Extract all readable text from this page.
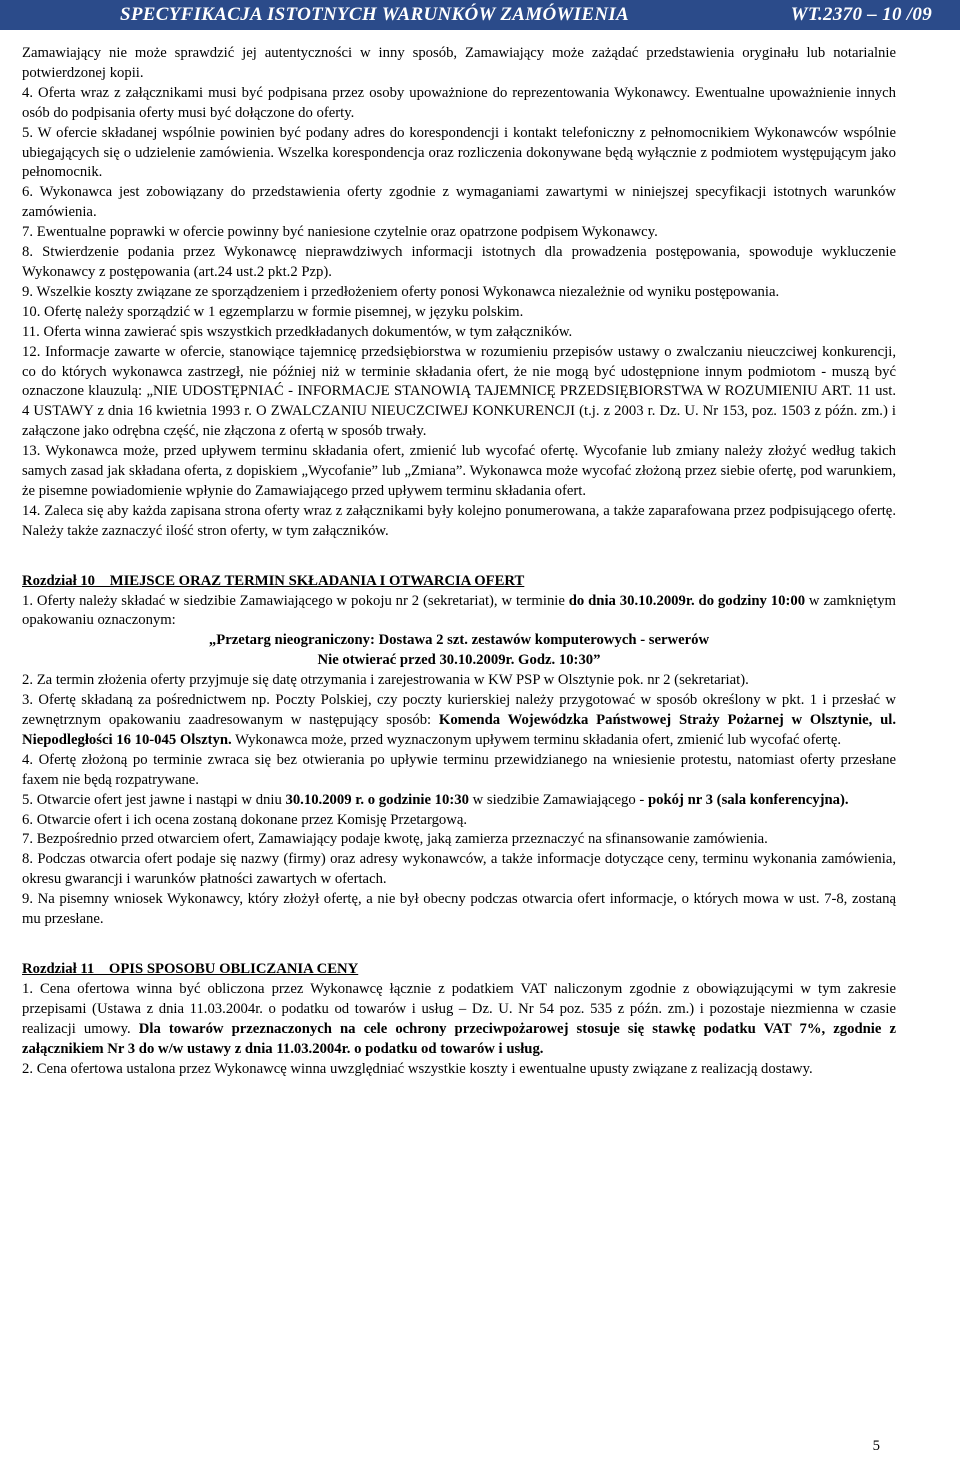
SPECYFIKACJA ISTOTNYCH WARUNKÓW ZAMÓWIENIA	WT.2370 – 10 /09

Zamawiający nie może sprawdzić jej autentyczności w inny sposób, Zamawiający może zażądać przedstawienia oryginału lub notarialnie potwierdzonej kopii.

4. Oferta wraz z załącznikami musi być podpisana przez osoby upoważnione do reprezentowania Wykonawcy. Ewentualne upoważnienie innych osób do podpisania oferty musi być dołączone do oferty.

5. W ofercie składanej wspólnie powinien być podany adres do korespondencji i kontakt telefoniczny z pełnomocnikiem Wykonawców wspólnie ubiegających się o udzielenie zamówienia. Wszelka korespondencja oraz rozliczenia dokonywane będą wyłącznie z podmiotem występującym jako pełnomocnik.

6. Wykonawca jest zobowiązany do przedstawienia oferty zgodnie z wymaganiami zawartymi w niniejszej specyfikacji istotnych warunków zamówienia.

7. Ewentualne poprawki w ofercie powinny być naniesione czytelnie oraz opatrzone podpisem Wykonawcy.

8. Stwierdzenie podania przez Wykonawcę nieprawdziwych informacji istotnych dla prowadzenia postępowania, spowoduje wykluczenie Wykonawcy z postępowania (art.24 ust.2 pkt.2 Pzp).

9. Wszelkie koszty związane ze sporządzeniem i przedłożeniem oferty ponosi Wykonawca niezależnie od wyniku postępowania.

10. Ofertę należy sporządzić w 1 egzemplarzu w formie pisemnej, w języku polskim.

11. Oferta winna zawierać spis wszystkich przedkładanych dokumentów, w tym załączników.

12. Informacje zawarte w ofercie, stanowiące tajemnicę przedsiębiorstwa w rozumieniu przepisów ustawy o zwalczaniu nieuczciwej konkurencji, co do których wykonawca zastrzegł, nie później niż w terminie składania ofert, że nie mogą być udostępnione innym podmiotom - muszą być oznaczone klauzulą: „NIE UDOSTĘPNIAĆ - INFORMACJE STANOWIĄ TAJEMNICĘ PRZEDSIĘBIORSTWA W ROZUMIENIU ART. 11 ust. 4 USTAWY z dnia 16 kwietnia 1993 r. O ZWALCZANIU NIEUCZCIWEJ KONKURENCJI (t.j. z 2003 r. Dz. U. Nr 153, poz. 1503 z późn. zm.) i załączone jako odrębna część, nie złączona z ofertą w sposób trwały.

13. Wykonawca może, przed upływem terminu składania ofert, zmienić lub wycofać ofertę. Wycofanie lub zmiany należy złożyć według takich samych zasad jak składana oferta, z dopiskiem „Wycofanie” lub „Zmiana”. Wykonawca może wycofać złożoną przez siebie ofertę, pod warunkiem, że pisemne powiadomienie wpłynie do Zamawiającego przed upływem terminu składania ofert.

14. Zaleca się aby każda zapisana strona oferty wraz z załącznikami były kolejno ponumerowana, a także zaparafowana przez podpisującego ofertę. Należy także zaznaczyć ilość stron oferty, w tym załączników.

Rozdział 10    MIEJSCE ORAZ TERMIN SKŁADANIA I OTWARCIA OFERT

1. Oferty należy składać w siedzibie Zamawiającego w pokoju nr 2 (sekretariat), w terminie do dnia 30.10.2009r. do godziny 10:00 w zamkniętym opakowaniu oznaczonym:

„Przetarg nieograniczony: Dostawa 2 szt. zestawów komputerowych - serwerów

Nie otwierać przed 30.10.2009r. Godz. 10:30”

2. Za termin złożenia oferty przyjmuje się datę otrzymania i zarejestrowania w KW PSP w Olsztynie pok. nr 2 (sekretariat).

3. Ofertę składaną za pośrednictwem np. Poczty Polskiej, czy poczty kurierskiej należy przygotować w sposób określony w pkt. 1 i przesłać w zewnętrznym opakowaniu zaadresowanym w następujący sposób: Komenda Wojewódzka Państwowej Straży Pożarnej w Olsztynie, ul. Niepodległości 16 10-045 Olsztyn. Wykonawca może, przed wyznaczonym upływem terminu składania ofert, zmienić lub wycofać ofertę.

4. Ofertę złożoną po terminie zwraca się bez otwierania po upływie terminu przewidzianego na wniesienie protestu, natomiast oferty przesłane faxem nie będą rozpatrywane.

5. Otwarcie ofert jest jawne i nastąpi w dniu 30.10.2009 r. o godzinie 10:30 w siedzibie Zamawiającego - pokój nr 3 (sala konferencyjna).

6. Otwarcie ofert i ich ocena zostaną dokonane przez Komisję Przetargową.

7. Bezpośrednio przed otwarciem ofert, Zamawiający podaje kwotę, jaką zamierza przeznaczyć na sfinansowanie zamówienia.

8. Podczas otwarcia ofert podaje się nazwy (firmy) oraz adresy wykonawców, a także informacje dotyczące ceny, terminu wykonania zamówienia, okresu gwarancji i warunków płatności zawartych w ofertach.

9. Na pisemny wniosek Wykonawcy, który złożył ofertę, a nie był obecny podczas otwarcia ofert informacje, o których mowa w ust. 7-8, zostaną mu przesłane.

Rozdział 11    OPIS SPOSOBU OBLICZANIA CENY

1. Cena ofertowa winna być obliczona przez Wykonawcę łącznie z podatkiem VAT naliczonym zgodnie z obowiązującymi w tym zakresie przepisami (Ustawa z dnia 11.03.2004r. o podatku od towarów i usług – Dz. U. Nr 54 poz. 535 z późn. zm.) i pozostaje niezmienna w czasie realizacji umowy. Dla towarów przeznaczonych na cele ochrony przeciwpożarowej stosuje się stawkę podatku VAT 7%, zgodnie z załącznikiem Nr 3 do w/w ustawy z dnia 11.03.2004r. o podatku od towarów i usług.

2. Cena ofertowa ustalona przez Wykonawcę winna uwzględniać wszystkie koszty i ewentualne upusty związane z realizacją dostawy.

5
